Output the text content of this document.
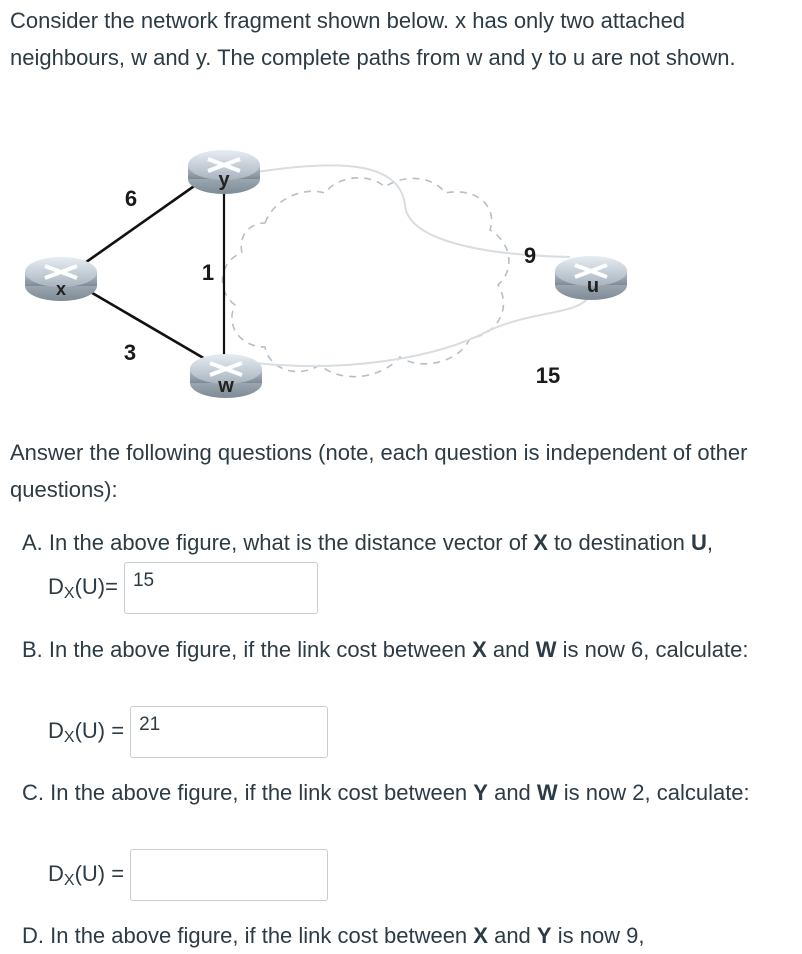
Consider the network fragment shown below. x has only two attached neighbours, w and y. The complete paths from w and y to u are not shown.

x
y
w
u
6
3
1
9
15

Answer the following questions (note, each question is independent of other questions):

A. In the above figure, what is the distance vector of X to destination U,

$D_X(U)=$
15

B. In the above figure, if the link cost between X and W is now 6, calculate:

$D_X(U)$ =
21

C. In the above figure, if the link cost between Y and W is now 2, calculate:

$D_X(U)$ =

D. In the above figure, if the link cost between X and Y is now 9,
